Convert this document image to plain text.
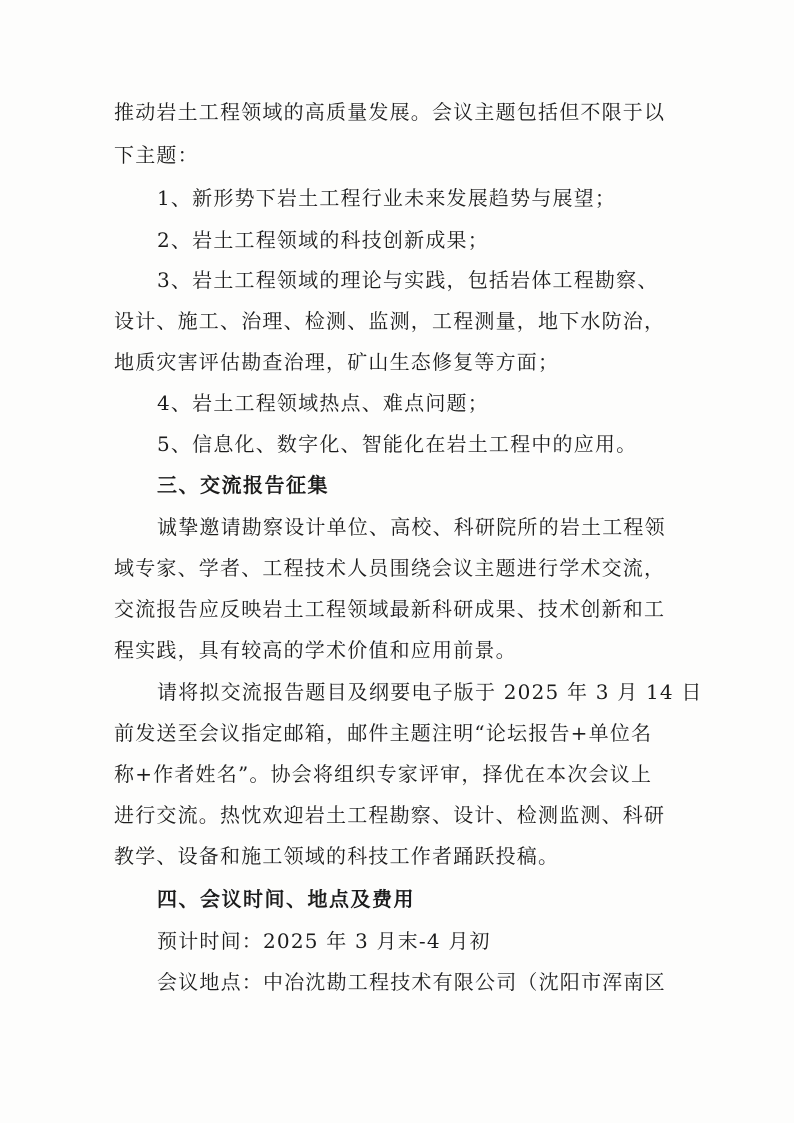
推动岩土工程领域的高质量发展。会议主题包括但不限于以
下主题：
1、新形势下岩土工程行业未来发展趋势与展望；
2、岩土工程领域的科技创新成果；
3、岩土工程领域的理论与实践，包括岩体工程勘察、
设计、施工、治理、检测、监测，工程测量，地下水防治，
地质灾害评估勘查治理，矿山生态修复等方面；
4、岩土工程领域热点、难点问题；
5、信息化、数字化、智能化在岩土工程中的应用。
三、交流报告征集
诚挚邀请勘察设计单位、高校、科研院所的岩土工程领
域专家、学者、工程技术人员围绕会议主题进行学术交流，
交流报告应反映岩土工程领域最新科研成果、技术创新和工
程实践，具有较高的学术价值和应用前景。
请将拟交流报告题目及纲要电子版于 2025 年 3 月 14 日
前发送至会议指定邮箱，邮件主题注明“论坛报告+单位名
称+作者姓名”。协会将组织专家评审，择优在本次会议上
进行交流。热忱欢迎岩土工程勘察、设计、检测监测、科研
教学、设备和施工领域的科技工作者踊跃投稿。
四、会议时间、地点及费用
预计时间：2025 年 3 月末-4 月初
会议地点：中冶沈勘工程技术有限公司（沈阳市浑南区
